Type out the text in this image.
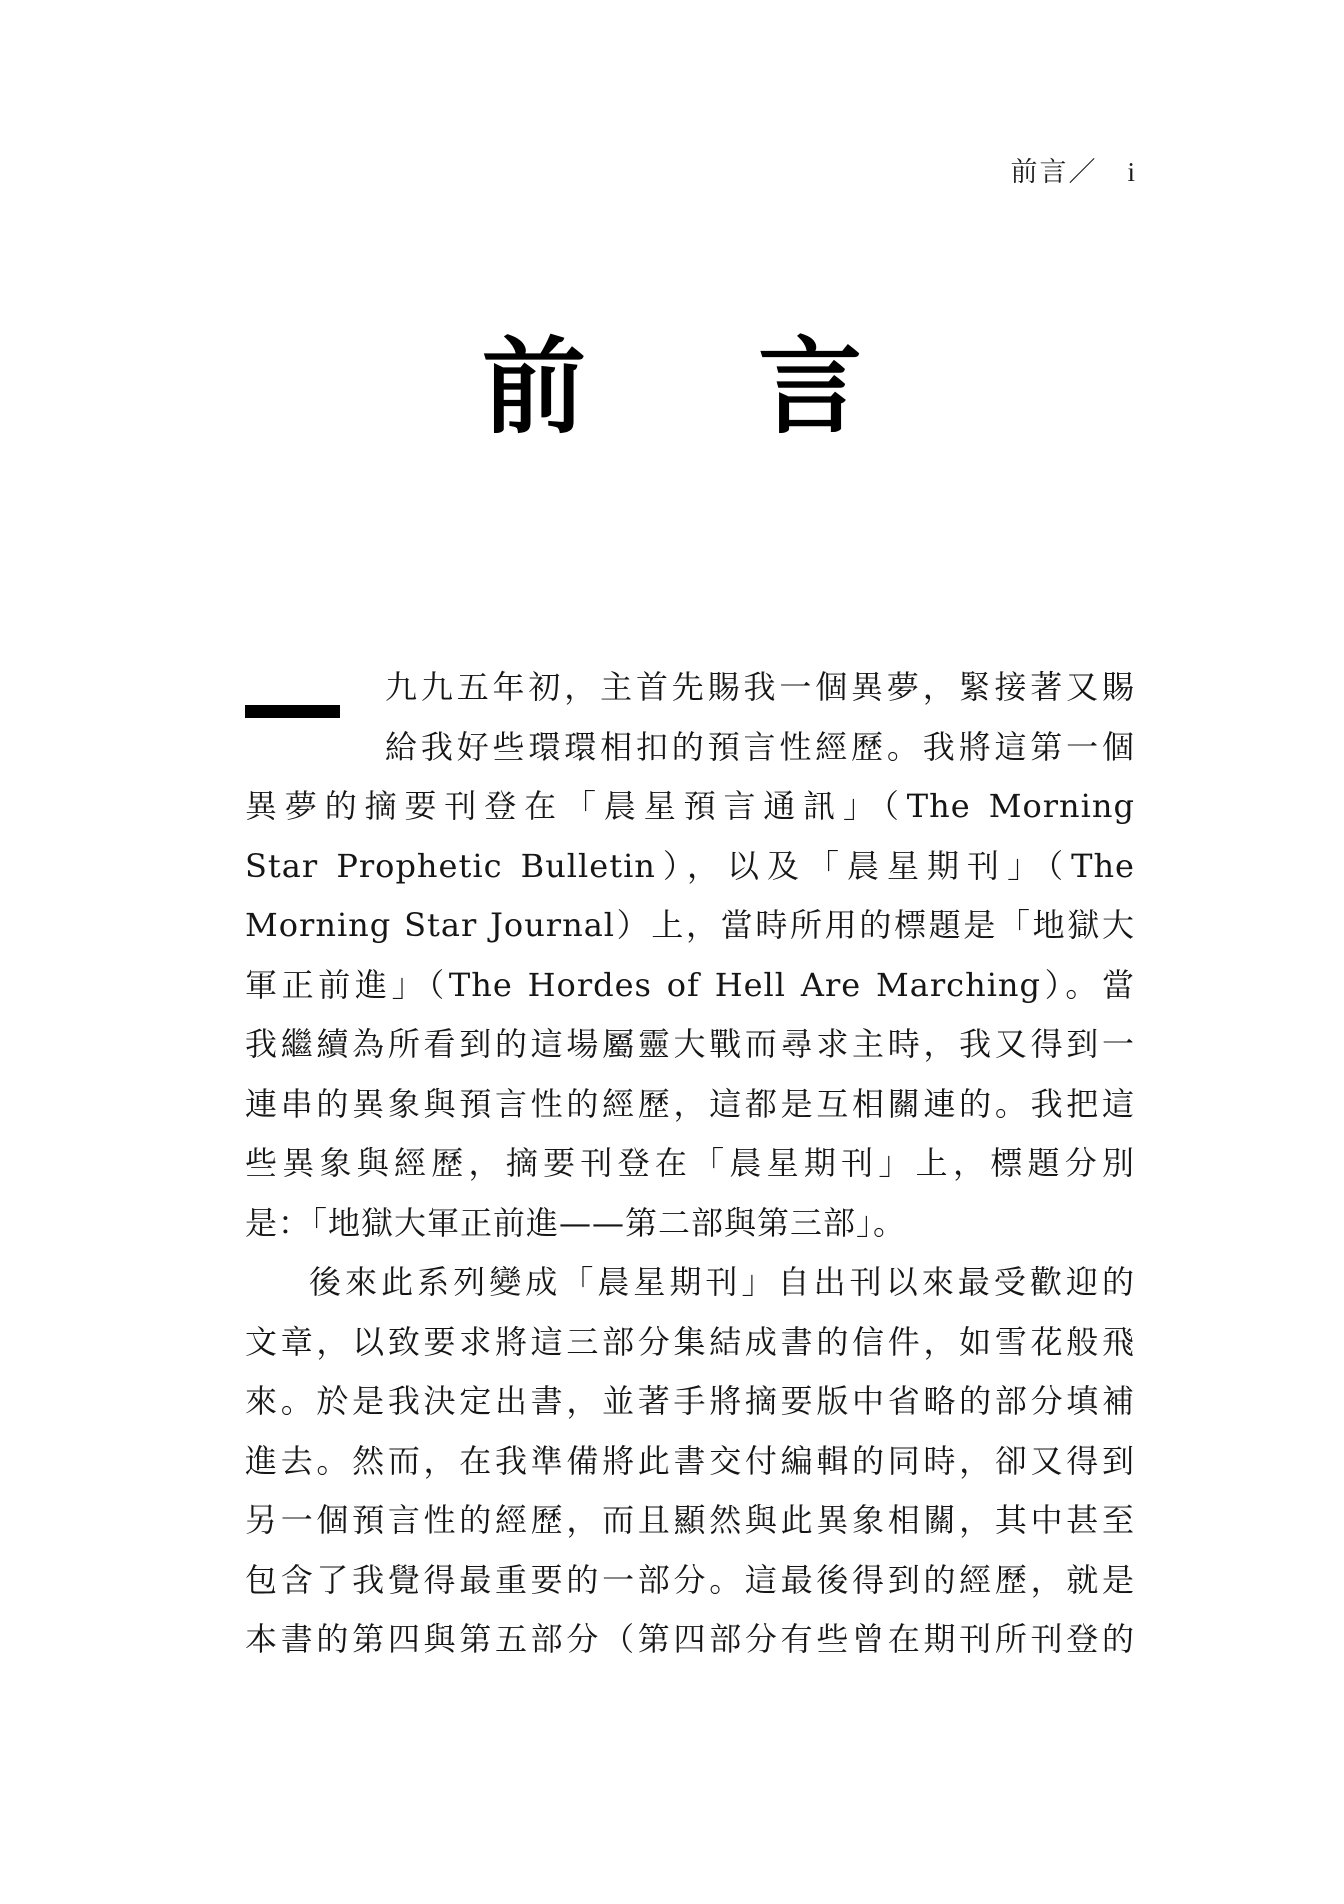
前言／ i
前 言

九九五年初，主首先賜我一個異夢，緊接著又賜
給我好些環環相扣的預言性經歷。我將這第一個
異夢的摘要刊登在「晨星預言通訊」（The Morning
Star Prophetic Bulletin），以及「晨星期刊」（The
Morning Star Journal）上，當時所用的標題是「地獄大
軍正前進」（The Hordes of Hell Are Marching）。當
我繼續為所看到的這場屬靈大戰而尋求主時，我又得到一
連串的異象與預言性的經歷，這都是互相關連的。我把這
些異象與經歷，摘要刊登在「晨星期刊」上，標題分別
是：「地獄大軍正前進——第二部與第三部」。

後來此系列變成「晨星期刊」自出刊以來最受歡迎的
文章，以致要求將這三部分集結成書的信件，如雪花般飛
來。於是我決定出書，並著手將摘要版中省略的部分填補
進去。然而，在我準備將此書交付編輯的同時，卻又得到
另一個預言性的經歷，而且顯然與此異象相關，其中甚至
包含了我覺得最重要的一部分。這最後得到的經歷，就是
本書的第四與第五部分（第四部分有些曾在期刊所刊登的
